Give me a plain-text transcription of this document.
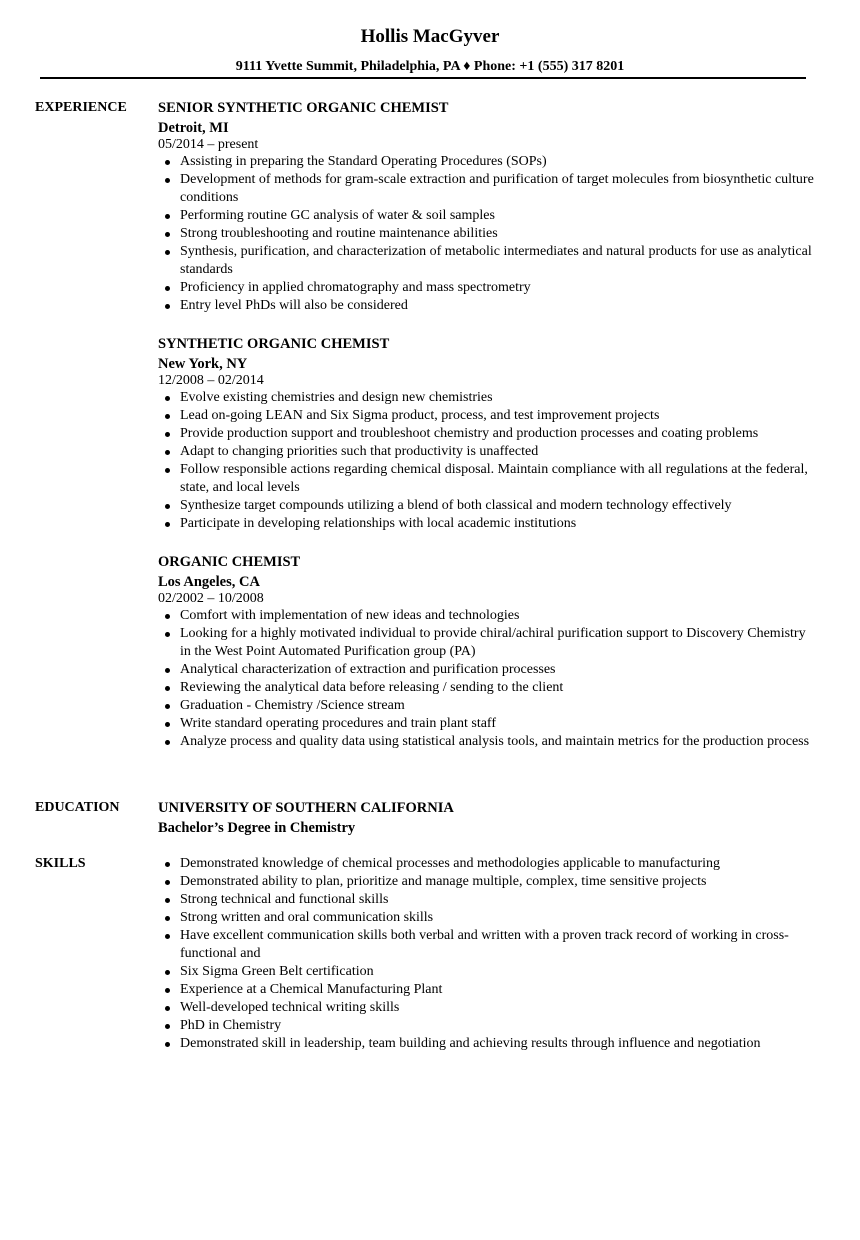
Hollis MacGyver
9111 Yvette Summit, Philadelphia, PA ♦ Phone: +1 (555) 317 8201
EXPERIENCE SENIOR SYNTHETIC ORGANIC CHEMIST
Detroit, MI
05/2014 – present
Assisting in preparing the Standard Operating Procedures (SOPs)
Development of methods for gram-scale extraction and purification of target molecules from biosynthetic culture conditions
Performing routine GC analysis of water & soil samples
Strong troubleshooting and routine maintenance abilities
Synthesis, purification, and characterization of metabolic intermediates and natural products for use as analytical standards
Proficiency in applied chromatography and mass spectrometry
Entry level PhDs will also be considered
SYNTHETIC ORGANIC CHEMIST
New York, NY
12/2008 – 02/2014
Evolve existing chemistries and design new chemistries
Lead on-going LEAN and Six Sigma product, process, and test improvement projects
Provide production support and troubleshoot chemistry and production processes and coating problems
Adapt to changing priorities such that productivity is unaffected
Follow responsible actions regarding chemical disposal. Maintain compliance with all regulations at the federal, state, and local levels
Synthesize target compounds utilizing a blend of both classical and modern technology effectively
Participate in developing relationships with local academic institutions
ORGANIC CHEMIST
Los Angeles, CA
02/2002 – 10/2008
Comfort with implementation of new ideas and technologies
Looking for a highly motivated individual to provide chiral/achiral purification support to Discovery Chemistry in the West Point Automated Purification group (PA)
Analytical characterization of extraction and purification processes
Reviewing the analytical data before releasing / sending to the client
Graduation - Chemistry /Science stream
Write standard operating procedures and train plant staff
Analyze process and quality data using statistical analysis tools, and maintain metrics for the production process
EDUCATION	UNIVERSITY OF SOUTHERN CALIFORNIA
Bachelor’s Degree in Chemistry
SKILLS	Demonstrated knowledge of chemical processes and methodologies applicable to manufacturing
Demonstrated ability to plan, prioritize and manage multiple, complex, time sensitive projects
Strong technical and functional skills
Strong written and oral communication skills
Have excellent communication skills both verbal and written with a proven track record of working in cross-functional and
Six Sigma Green Belt certification
Experience at a Chemical Manufacturing Plant
Well-developed technical writing skills
PhD in Chemistry
Demonstrated skill in leadership, team building and achieving results through influence and negotiation
